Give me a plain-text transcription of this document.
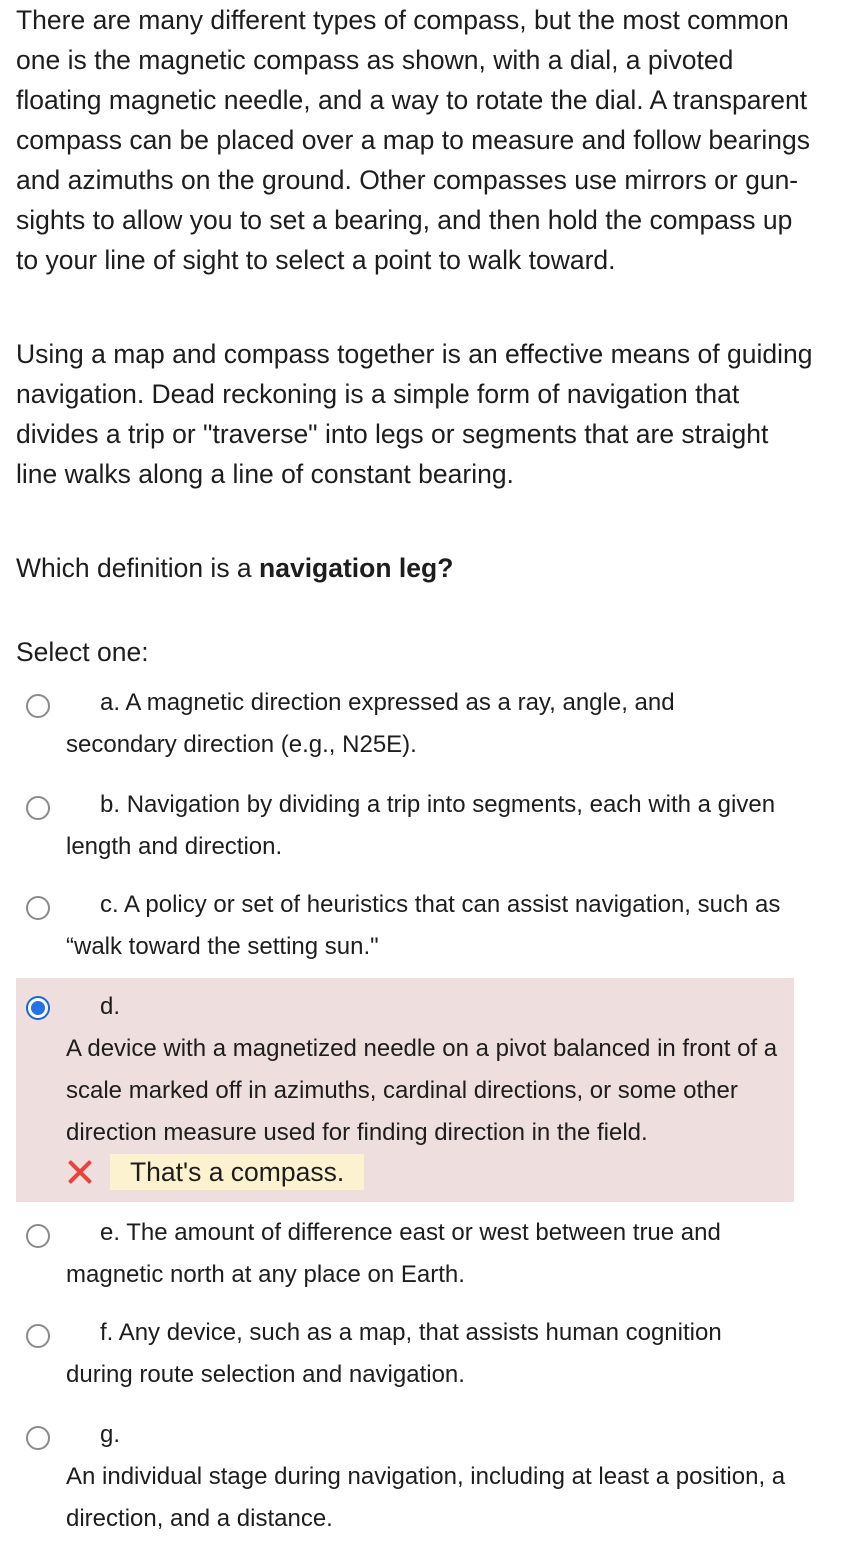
There are many different types of compass, but the most common one is the magnetic compass as shown, with a dial, a pivoted floating magnetic needle, and a way to rotate the dial. A transparent compass can be placed over a map to measure and follow bearings and azimuths on the ground. Other compasses use mirrors or gun-sights to allow you to set a bearing, and then hold the compass up to your line of sight to select a point to walk toward.

Using a map and compass together is an effective means of guiding navigation. Dead reckoning is a simple form of navigation that divides a trip or "traverse" into legs or segments that are straight line walks along a line of constant bearing.

Which definition is a navigation leg?

Select one:

a. A magnetic direction expressed as a ray, angle, and secondary direction (e.g., N25E).

b. Navigation by dividing a trip into segments, each with a given length and direction.

c. A policy or set of heuristics that can assist navigation, such as “walk toward the setting sun."

d.
A device with a magnetized needle on a pivot balanced in front of a scale marked off in azimuths, cardinal directions, or some other direction measure used for finding direction in the field.

That's a compass.

e. The amount of difference east or west between true and magnetic north at any place on Earth.

f. Any device, such as a map, that assists human cognition during route selection and navigation.

g.
An individual stage during navigation, including at least a position, a direction, and a distance.
